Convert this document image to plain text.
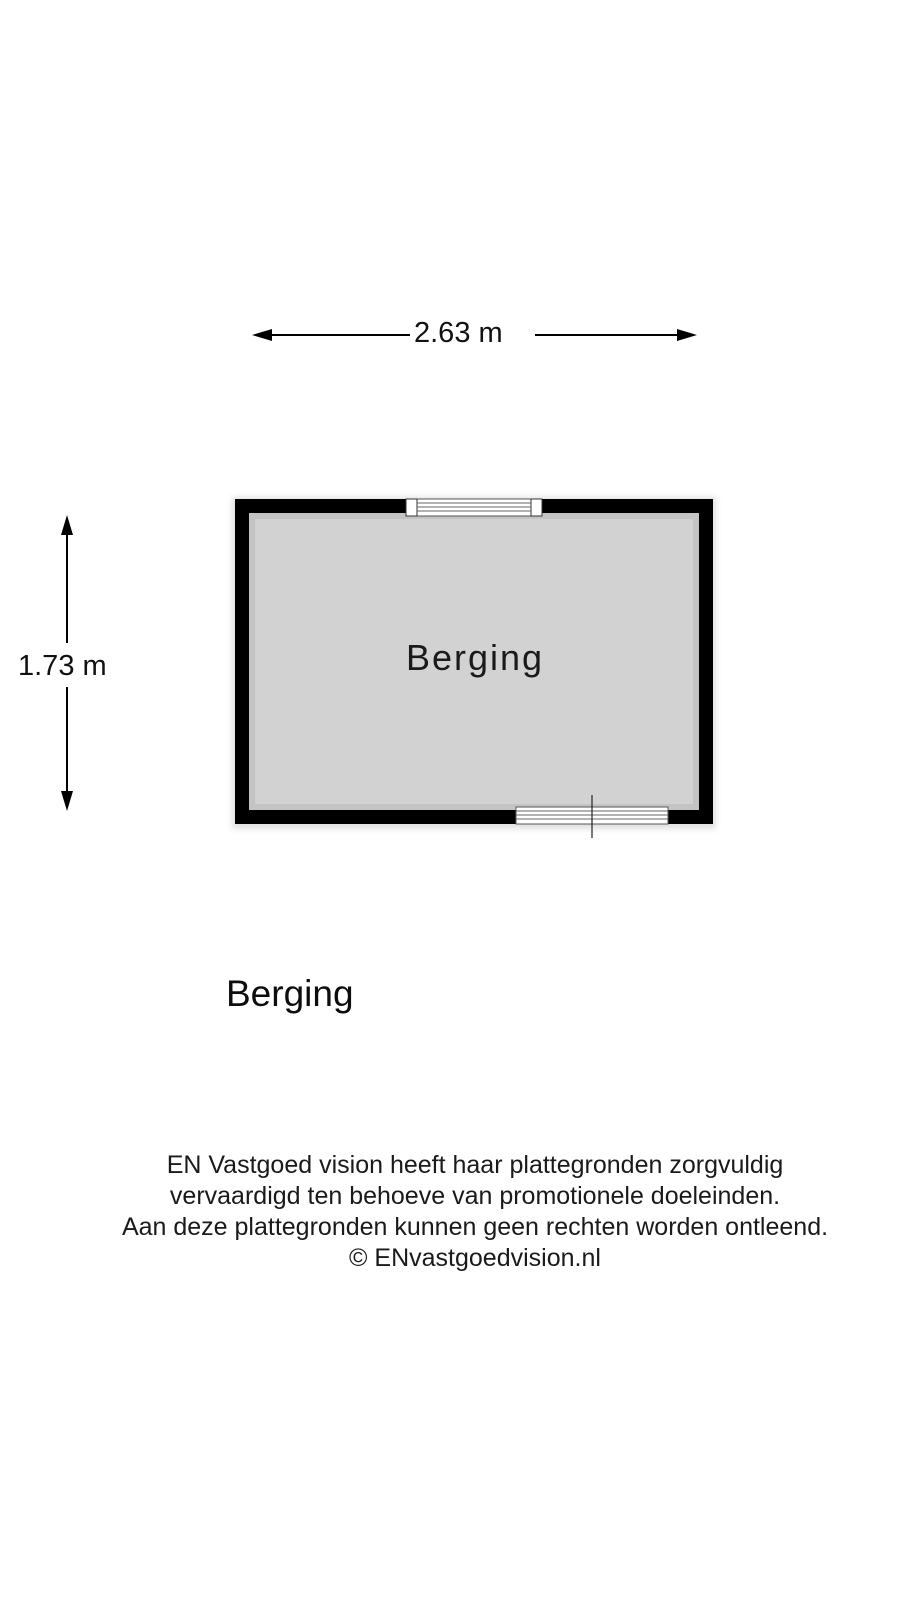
2.63 m
1.73 m	Berging
Berging
EN Vastgoed vision heeft haar plattegronden zorgvuldig
vervaardigd ten behoeve van promotionele doeleinden.
Aan deze plattegronden kunnen geen rechten worden ontleend.
© ENvastgoedvision.nl
